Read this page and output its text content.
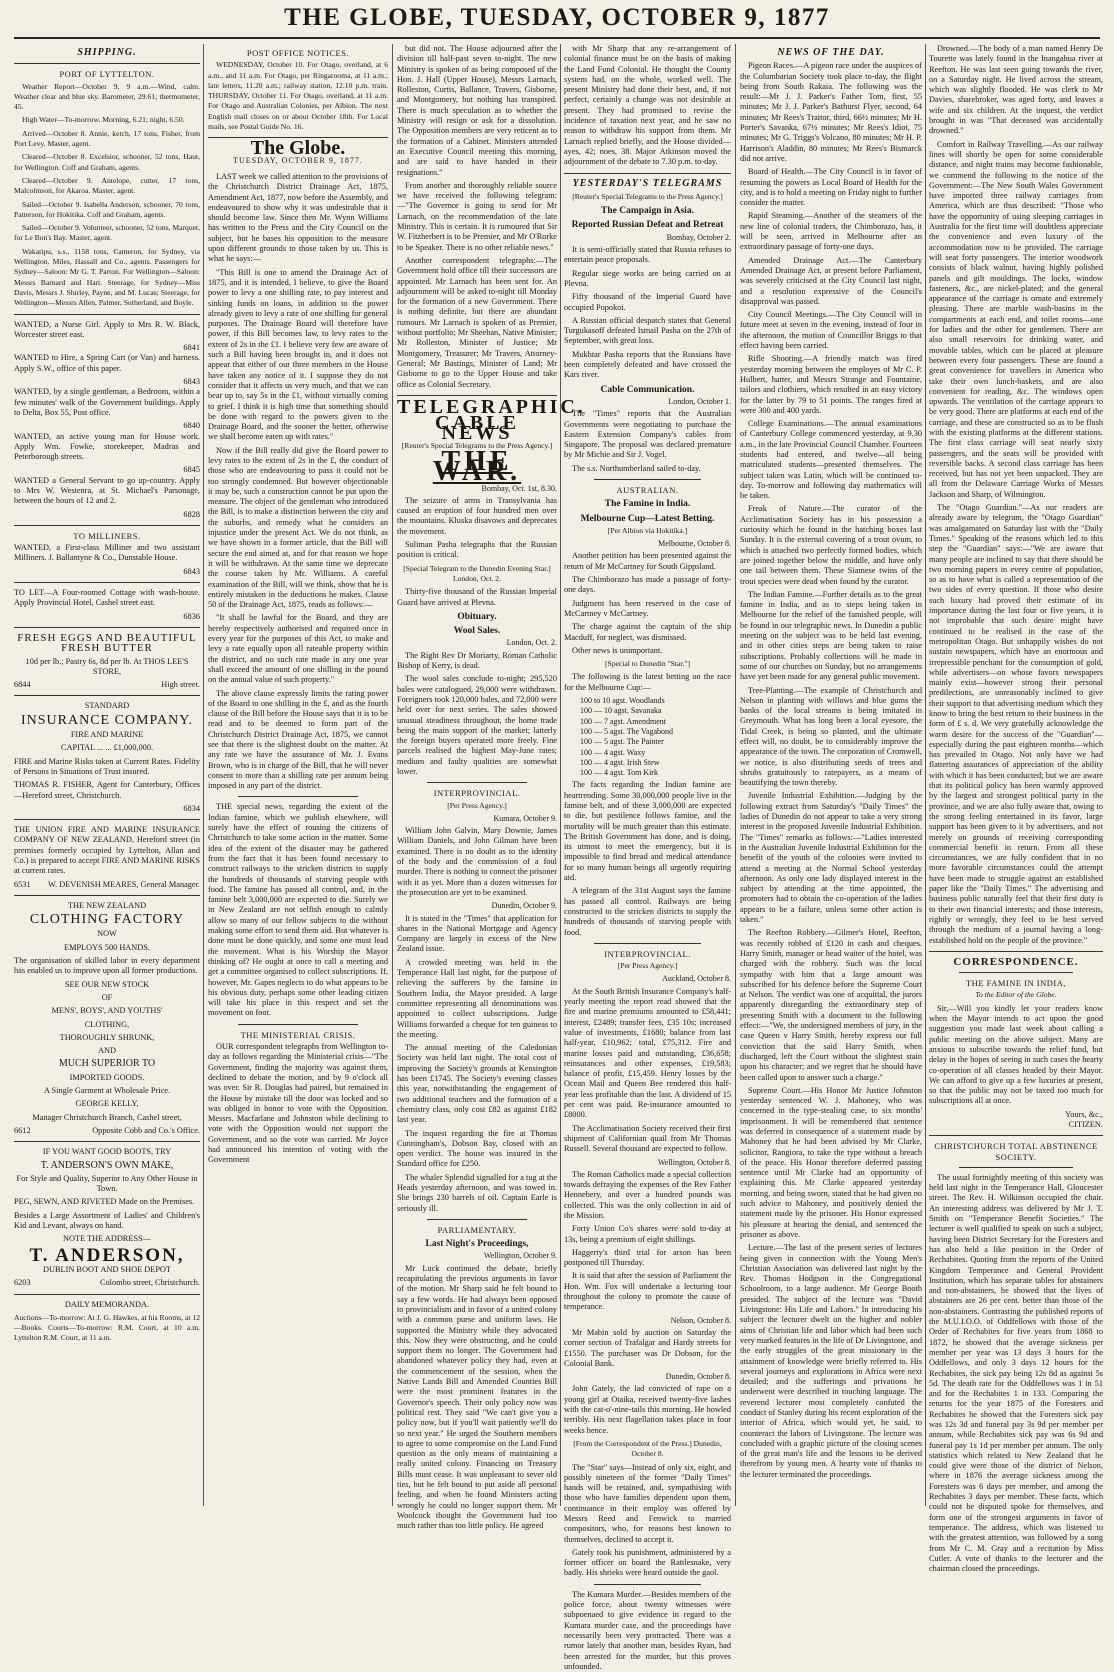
THE GLOBE, TUESDAY, OCTOBER 9, 1877
SHIPPING.
PORT OF LYTTELTON.

Weather Report—October 9, 9 a.m.—Wind, calm. Weather clear and blue sky. Barometer, 29.61; thermometer, 45.

High Water—To-morrow. Morning, 6.21; night, 6.50.

Arrived—October 8. Annie, ketch, 17 tons, Fisher, from Port Levy. Master, agent.

Cleared—October 8. Excelsior, schooner, 52 tons, Haut, for Wellington. Coff and Graham, agents.

Cleared—October 9. Antelope, cutter, 17 tons, Malcolmson, for Akaroa. Master, agent.

Sailed—October 9. Isabella Anderson, schooner, 70 tons, Patterson, for Hokitika. Coff and Graham, agents.

Sailed—October 9. Volunteer, schooner, 52 tons, Marquet, for Le Bon's Bay. Master, agent.

Wakatipu, s.s., 1158 tons, Cameron, for Sydney, via Wellington. Miles, Hassall and Co., agents. Passengers for Sydney—Saloon: Mr G. T. Parton. For Wellington—Saloon: Messrs Barnard and Hart. Steerage, for Sydney—Miss Davis, Messrs J. Shirley, Payne, and M. Lucas; Steerage, for Wellington—Messrs Allen, Palmer, Sutherland, and Boyle.

WANTED, a Nurse Girl. Apply to Mrs R. W. Black, Worcester street east.

6841

WANTED to Hire, a Spring Cart (or Van) and harness. Apply S.W., office of this paper.

6843

WANTED, by a single gentleman, a Bedroom, within a few minutes' walk of the Government buildings. Apply to Delta, Box 55, Post office.

6840

WANTED, an active young man for House work. Apply Wm. Fowke, storekeeper, Madras and Peterborough streets.

6845

WANTED a General Servant to go up-country. Apply to Mrs W. Westenra, at St. Michael's Parsonage, between the hours of 12 and 2.

6828
TO MILLINERS.

WANTED, a First-class Milliner and two assistant Milliners. J. Ballantyne & Co., Dunstable House.

6843

TO LET—A Four-roomed Cottage with wash-house. Apply Provincial Hotel, Cashel street east.

6836
FRESH EGGS AND BEAUTIFUL FRESH BUTTER
10d per lb.; Pastry 6s, 8d per lb. At THOS LEE'S STORE,
6844	High street.
STANDARD
INSURANCE COMPANY.
FIRE AND MARINE
CAPITAL ... ... £1,000,000.

FIRE and Marine Risks taken at Current Rates. Fidelity of Persons in Situations of Trust insured.

THOMAS R. FISHER, Agent for Canterbury, Offices—Hereford street, Christchurch.

6834

THE UNION FIRE AND MARINE INSURANCE COMPANY OF NEW ZEALAND, Hereford street (in premises formerly occupied by Lyttelton, Allan and Co.) is prepared to accept FIRE AND MARINE RISKS at current rates.

6531 W. DEVENISH MEARES, General Manager.
THE NEW ZEALAND
CLOTHING FACTORY
NOW
EMPLOYS 500 HANDS.

The organisation of skilled labor in every department has enabled us to improve upon all former productions.

SEE OUR NEW STOCK
OF
MENS', BOYS', AND YOUTHS'
CLOTHING,
THOROUGHLY SHRUNK,
AND
MUCH SUPERIOR TO
IMPORTED GOODS.
A Single Garment at Wholesale Price.
GEORGE KELLY,
Manager Christchurch Branch, Cashel street,
6612	Opposite Cobb and Co.'s Office.
IF YOU WANT GOOD BOOTS, TRY
T. ANDERSON'S OWN MAKE,
For Style and Quality, Superior to Any Other House in Town.

PEG, SEWN, AND RIVETED Made on the Premises.

Besides a Large Assortment of Ladies' and Children's Kid and Levant, always on hand.

NOTE THE ADDRESS—
T. ANDERSON,
DUBLIN BOOT AND SHOE DEPOT
6203	Colombo street, Christchurch.
DAILY MEMORANDA.

Auctions—To-morrow: At J. G. Hawkes, at his Rooms, at 12—Books. Courts—To-morrow: R.M. Court, at 10 a.m. Lyttelton R.M. Court, at 11 a.m.

POST OFFICE NOTICES.

WEDNESDAY, October 10. For Otago, overland, at 6 a.m., and 11 a.m. For Otago, per Ringarooma, at 11 a.m.; late letters, 11.20 a.m.; railway station, 12.10 p.m. train. THURSDAY, October 11. For Otago, overland, at 11 a.m. For Otago and Australian Colonies, per Albion. The next English mail closes on or about October 18th. For Local mails, see Postal Guide No. 16.

The Globe.
TUESDAY, OCTOBER 9, 1877.

LAST week we called attention to the provisions of the Christchurch District Drainage Act, 1875, Amendment Act, 1877, now before the Assembly, and endeavoured to show why it was undesirable that it should become law. Since then Mr. Wynn Williams has written to the Press and the City Council on the subject, but he bases his opposition to the measure upon different grounds to those taken by us. This is what he says:—

"This Bill is one to amend the Drainage Act of 1875, and it is intended, I believe, to give the Board power to levy a one shilling rate, to pay interest and sinking funds on loans, in addition to the power already given to levy a rate of one shilling for general purposes. The Drainage Board will therefore have power, if this Bill becomes law, to levy rates to the extent of 2s in the £1. I believe very few are aware of such a Bill having been brought in, and it does not appear that either of our three members in the House have taken any notice of it. I suppose they do not consider that it affects us very much, and that we can bear up to, say 5s in the £1, without virtually coming to grief. I think it is high time that something should be done with regard to the powers given to the Drainage Board, and the sooner the better, otherwise we shall become eaten up with rates."

Now if the Bill really did give the Board power to levy rates to the extent of 2s in the £, the conduct of those who are endeavouring to pass it could not be too strongly condemned. But however objectionable it may be, such a construction cannot be put upon the measure. The object of the gentleman who introduced the Bill, is to make a distinction between the city and the suburbs, and remedy what he considers an injustice under the present Act. We do not think, as we have shown in a former article, that the Bill will secure the end aimed at, and for that reason we hope it will be withdrawn. At the same time we deprecate the course taken by Mr. Williams. A careful examination of the Bill, will we think, show that he is entirely mistaken in the deductions he makes. Clause 50 of the Drainage Act, 1875, reads as follows:—

"It shall be lawful for the Board, and they are hereby respectively authorised and required once in every year for the purposes of this Act, to make and levy a rate equally upon all rateable property within the district, and no such rate made in any one year shall exceed the amount of one shilling in the pound on the annual value of such property."

The above clause expressly limits the rating power of the Board to one shilling in the £, and as the fourth clause of the Bill before the House says that it is to be read and to be deemed to form part of the Christchurch District Drainage Act, 1875, we cannot see that there is the slightest doubt on the matter. At any rate we have the assurance of Mr. J. Evans Brown, who is in charge of the Bill, that he will never consent to more than a shilling rate per annum being imposed in any part of the district.

THE special news, regarding the extent of the Indian famine, which we publish elsewhere, will surely have the effect of rousing the citizens of Christchurch to take some action in the matter. Some idea of the extent of the disaster may be gathered from the fact that it has been found necessary to construct railways to the stricken districts to supply the hundreds of thousands of starving people with food. The famine has passed all control, and, in the famine belt 3,000,000 are expected to die. Surely we in New Zealand are not selfish enough to calmly allow so many of our fellow subjects to die without making some effort to send them aid. But whatever is done must be done quickly, and some one must lead the movement. What is his Worship the Mayor thinking of? He ought at once to call a meeting and get a committee organised to collect subscriptions. If, however, Mr. Gapes neglects to do what appears to be his obvious duty, perhaps some other leading citizen will take his place in this respect and set the movement on foot.

THE MINISTERIAL CRISIS.

OUR correspondent telegraphs from Wellington to-day as follows regarding the Ministerial crisis—"The Government, finding the majority was against them, declined to debate the motion, and by 9 o'clock all was over. Sir R. Douglas had paired, but remained in the House by mistake till the door was locked and so was obliged in honor to vote with the Opposition. Messrs. Macfarlane and Johnston while declining to vote with the Opposition would not support the Government, and so the vote was carried. Mr Joyce had announced his intention of voting with the Government

but did not. The House adjourned after the division till half-past seven to-night. The new Ministry is spoken of as being composed of the Hon. J. Hall (Upper House), Messrs Larnach, Rolleston, Curtis, Ballance, Travers, Gisborne, and Montgomery, but nothing has transpired. There is much speculation as to whether the Ministry will resign or ask for a dissolution. The Opposition members are very reticent as to the formation of a Cabinet. Ministers attended an Executive Council meeting this morning, and are said to have handed in their resignations."

From another and thoroughly reliable source we have received the following telegram:—"The Governor is going to send for Mr Larnach, on the recommendation of the late Ministry. This is certain. It is rumoured that Sir W. Fitzherbert is to be Premier, and Mr O'Rorke to be Speaker. There is no other reliable news."

Another correspondent telegraphs:—The Government hold office till their successors are appointed. Mr Larnach has been sent for. An adjournment will be asked to-night till Monday for the formation of a new Government. There is nothing definite, but there are abundant rumours. Mr Larnach is spoken of as Premier, without portfolio; Mr Sheehan, Native Minister; Mr Rolleston, Minister of Justice; Mr Montgomery, Treasurer; Mr Travers, Attorney-General; Mr Bastings, Minister of Land; Mr Gisborne to go to the Upper House and take office as Colonial Secretary.

TELEGRAPHIC.
CABLE NEWS
[Reuter's Special Telegrams to the Press Agency.]
THE WAR.
Bombay, Oct. 1st, 8.30.

The seizure of arms in Transylvania has caused an eruption of four hundred men over the mountains. Kluska disavows and deprecates the movement.

Suliman Pasha telegraphs that the Russian position is critical.

[Special Telegram to the Dunedin Evening Star.] London, Oct. 2.

Thirty-five thousand of the Russian Imperial Guard have arrived at Plevna.

Obituary.
Wool Sales.
London, Oct. 2.

The Right Rev Dr Moriarty, Roman Catholic Bishop of Kerry, is dead.

The wool sales conclude to-night; 295,520 bales were catalogued, 29,000 were withdrawn. Foreigners took 120,000 bales, and 72,000 were held over for next series. The sales showed unusual steadiness throughout, the home trade being the main support of the market; latterly the foreign buyers operated more freely. Fine parcels realised the highest May-June rates; medium and faulty qualities are somewhat lower.

INTERPROVINCIAL.
[Per Press Agency.]
Kumara, October 9.

William John Galvin, Mary Downie, James William Daniels, and John Gilman have been examined. There is no doubt as to the identity of the body and the commission of a foul murder. There is nothing to connect the prisoner with it as yet. More than a dozen witnesses for the prosecution are yet to be examined.

Dunedin, October 9.

It is stated in the "Times" that application for shares in the National Mortgage and Agency Company are largely in excess of the New Zealand issue.

A crowded meeting was held in the Temperance Hall last night, for the purpose of relieving the sufferers by the famine in Southern India, the Mayor presided. A large committee representing all denominations was appointed to collect subscriptions. Judge Williams forwarded a cheque for ten guineas to the meeting.

The annual meeting of the Caledonian Society was held last night. The total cost of improving the Society's grounds at Kensington has been £1745. The Society's evening classes this year, notwithstanding the engagement of two additional teachers and the formation of a chemistry class, only cost £82 as against £182 last year.

The inquest regarding the fire at Thomas Cunningham's, Dobson Bay, closed with an open verdict. The house was insured in the Standard office for £250.

The whaler Splendid signalled for a tug at the Heads yesterday afternoon, and was towed in. She brings 230 barrels of oil. Captain Earle is seriously ill.

PARLIAMENTARY.
Last Night's Proceedings,
Wellington, October 9.

Mr Luck continued the debate, briefly recapitulating the previous arguments in favor of the motion. Mr Sharp said he felt bound to say a few words. He had always been opposed to provincialism and in favor of a united colony with a common purse and uniform laws. He supported the Ministry while they advocated this. Now they were obstructing, and he could support them no longer. The Government had abandoned whatever policy they had, even at the commencement of the session, when the Native Lands Bill and Amended Counties Bill were the most prominent features in the Governor's speech. Their only policy now was political rest. They said "We can't give you a policy now, but if you'll wait patiently we'll do so next year." He urged the Southern members to agree to some compromise on the Land Fund question as the only means of maintaining a really united colony. Financing on Treasury Bills must cease. It was unpleasant to sever old ties, but he felt bound to put aside all personal feeling, and when he found Ministers acting wrongly he could no longer support them. Mr Woolcock thought the Government had too much rather than too little policy. He agreed

with Mr Sharp that any re-arrangement of colonial finance must be on the basis of making the Land Fund Colonial. He thought the County system had, on the whole, worked well. The present Ministry had done their best, and, if not perfect, certainly a change was not desirable at present. They had promised to revise the incidence of taxation next year, and he saw no reason to withdraw his support from them. Mr Larnach replied briefly, and the House divided—ayes, 42; noes, 38. Major Atkinson moved the adjournment of the debate to 7.30 p.m. to-day.

YESTERDAY'S TELEGRAMS
[Reuter's Special Telegrams to the Press Agency.]
The Campaign in Asia.
Reported Russian Defeat and Retreat
Bombay, October 2.

It is semi-officially stated that Russia refuses to entertain peace proposals.

Regular siege works are being carried on at Plevna.

Fifty thousand of the Imperial Guard have occupied Popokoi.

A Russian official despatch states that General Turgukasoff defeated Ismail Pasha on the 27th of September, with great loss.

Mukhtar Pasha reports that the Russians have been completely defeated and have crossed the Kars river.

Cable Communication.
London, October 1.

The "Times" reports that the Australian Governments were negotiating to purchase the Eastern Extension Company's cables from Singapore. The proposal was declared premature by Mr Michie and Sir J. Vogel.

The s.s. Northumberland sailed to-day.

AUSTRALIAN.
The Famine in India.
Melbourne Cup—Latest Betting.
[Per Albion via Hokitika.]
Melbourne, October 8.

Another petition has been presented against the return of Mr McCartney for South Gippsland.

The Chimborazo has made a passage of forty-one days.

Judgment has been reserved in the case of McCartney v McCartney.

The charge against the captain of the ship Macduff, for neglect, was dismissed.

Other news is unimportant.

[Special to Dunedin "Star."]

The following is the latest betting on the race for the Melbourne Cup:—

100 to 10 agst. Woodlands
100 — 10 agst. Savanaka
100 — 7 agst. Amendment
100 — 5 agst. The Vagabond
100 — 5 agst. The Painter
100 — 4 agst. Waxy
100 — 4 agst. Irish Stew
100 — 4 agst. Tom Kirk

The facts regarding the Indian famine are heartrending. Some 30,000,000 people live in the famine belt, and of these 3,000,000 are expected to die, but pestilence follows famine, and the mortality will be much greater than this estimate. The British Government has done, and is doing, its utmost to meet the emergency, but it is impossible to find bread and medical attendance for so many human beings all urgently requiring aid.

A telegram of the 31st August says the famine has passed all control. Railways are being constructed to the stricken districts to supply the hundreds of thousands of starving people with food.

INTERPROVINCIAL.
[Per Press Agency.]
Auckland, October 8.

At the South British Insurance Company's half-yearly meeting the report read showed that the fire and marine premiums amounted to £58,441; interest, £2489; transfer fees, £35 10s; increased value of investments, £1680; balance from last half-year, £10,962; total, £75,312. Fire and marine losses paid and outstanding, £36,658; reinsurances and other expenses, £19,583; balance of profit, £15,459. Henry losses by the Ocean Mail and Queen Bee rendered this half-year less profitable than the last. A dividend of 15 per cent was paid. Re-insurance amounted to £8000.

The Acclimatisation Society received their first shipment of Californian quail from Mr Thomas Russell. Several thousand are expected to follow.

Wellington, October 8.

The Roman Catholics made a special collection towards defraying the expenses of the Rev Father Hennebery, and over a hundred pounds was collected. This was the only collection in aid of the Mission.

Forty Union Co's shares were sold to-day at 13s, being a premium of eight shillings.

Haggerty's third trial for arson has been postponed till Thursday.

It is said that after the session of Parliament the Hon. Wm. Fox will undertake a lecturing tour throughout the colony to promote the cause of temperance.

Nelson, October 8.

Mr Mabin sold by auction on Saturday the corner section of Trafalgar and Hardy streets for £1550. The purchaser was Dr Dobson, for the Colonial Bank.

Dunedin, October 8.

John Gately, the lad convicted of rape on a young girl at Otaika, received twenty-five lashes with the cat-o'-nine-tails this morning. He howled terribly. His next flagellation takes place in four weeks hence.

[From the Correspondent of the Press.] Dunedin, October 8.

The "Star" says—Instead of only six, eight, and possibly nineteen of the former "Daily Times" hands will be retained, and, sympathising with those who have families dependent upon them, continuance in their employ was offered by Messrs Reed and Fenwick to married compositors, who, for reasons best known to themselves, declined to accept it.

Gately took his punishment, administered by a former officer on board the Rattlesnake, very badly. His shrieks were heard outside the gaol.

The Kumara Murder.—Besides members of the police force, about twenty witnesses were subpoenaed to give evidence in regard to the Kumara murder case, and the proceedings have necessarily been very protracted. There was a rumor lately that another man, besides Ryan, had been arrested for the murder, but this proves unfounded.

NEWS OF THE DAY.

Pigeon Races.—A pigeon race under the auspices of the Columbarian Society took place to-day, the flight being from South Rakaia. The following was the result:—Mr J. J. Parker's Father Tom, first, 55 minutes; Mr J. J. Parker's Bathurst Flyer, second, 64 minutes; Mr Rees's Traitor, third, 66½ minutes; Mr H. Porter's Savanka, 67½ minutes; Mr Rees's Idiot, 75 minutes; Mr G. Triggs's Volcano, 80 minutes; Mr H. P. Harrison's Aladdin, 80 minutes; Mr Rees's Bismarck did not arrive.

Board of Health.—The City Council is in favor of resuming the powers as Local Board of Health for the city, and is to hold a meeting on Friday night to further consider the matter.

Rapid Steaming.—Another of the steamers of the new line of colonial traders, the Chimborazo, has, it will be seen, arrived in Melbourne after an extraordinary passage of forty-one days.

Amended Drainage Act.—The Canterbury Amended Drainage Act, at present before Parliament, was severely criticised at the City Council last night, and a resolution expressive of the Council's disapproval was passed.

City Council Meetings.—The City Council will in future meet at seven in the evening, instead of four in the afternoon, the motion of Councillor Briggs to that effect having been carried.

Rifle Shooting.—A friendly match was fired yesterday morning between the employes of Mr C. P. Hulbert, hatter, and Messrs Strange and Fountaine, tailors and clothiers, which resulted in an easy victory for the latter by 79 to 51 points. The ranges fired at were 300 and 400 yards.

College Examinations.—The annual examinations of Canterbury College commenced yesterday, at 9.30 a.m., in the late Provincial Council Chamber. Fourteen students had entered, and twelve—all being matriculated students—presented themselves. The subject taken was Latin, which will be continued to-day. To-morrow and following day mathematics will be taken.

Freak of Nature.—The curator of the Acclimatisation Society has in his possession a curiosity which he found in the hatching boxes last Sunday. It is the external covering of a trout ovum, to which is attached two perfectly formed bodies, which are joined together below the middle, and have only one tail between them. These Siamese twins of the trout species were dead when found by the curator.

The Indian Famine.—Further details as to the great famine in India, and as to steps being taken in Melbourne for the relief of the famished people, will be found in our telegraphic news. In Dunedin a public meeting on the subject was to be held last evening, and in other cities steps are being taken to raise subscriptions. Probably collections will be made in some of our churches on Sunday, but no arrangements have yet been made for any general public movement.

Tree-Planting.—The example of Christchurch and Nelson in planting with willows and blue gums the banks of the local streams is being imitated in Greymouth. What has long been a local eyesore, the Tidal Creek, is being so planted, and the ultimate effect will, no doubt, be to considerably improve the appearance of the town. The corporation of Cromwell, we notice, is also distributing seeds of trees and shrubs gratuitously to ratepayers, as a means of beautifying the town thereby.

Juvenile Industrial Exhibition.—Judging by the following extract from Saturday's "Daily Times" the ladies of Dunedin do not appear to take a very strong interest in the proposed Juvenile Industrial Exhibition. The "Times" remarks as follows:—"Ladies interested in the Australian Juvenile Industrial Exhibition for the benefit of the youth of the colonies were invited to attend a meeting at the Normal School yesterday afternoon. As only one lady displayed interest in the subject by attending at the time appointed, the promoters had to obtain the co-operation of the ladies appears to be a failure, unless some other action is taken."

The Reefton Robbery.—Gilmer's Hotel, Reefton, was recently robbed of £120 in cash and cheques. Harry Smith, manager or head waiter of the hotel, was charged with the robbery. Such was the local sympathy with him that a large amount was subscribed for his defence before the Supreme Court at Nelson. The verdict was one of acquittal, the jurors apparently disregarding the extraordinary step of presenting Smith with a document to the following effect:—"We, the undersigned members of jury, in the case Queen v Harry Smith, hereby express our full conviction that the said Harry Smith, when discharged, left the Court without the slightest stain upon his character; and we regret that he should have been called upon to answer such a charge."

Supreme Court.—His Honor Mr Justice Johnston yesterday sentenced W. J. Mahoney, who was concerned in the type-stealing case, to six months' imprisonment. It will be remembered that sentence was deferred in consequence of a statement made by Mahoney that he had been advised by Mr Clarke, solicitor, Rangiora, to take the type without a breach of the peace. His Honor therefore deferred passing sentence until Mr Clarke had an opportunity of explaining this. Mr Clarke appeared yesterday morning, and being sworn, stated that he had given no such advice to Mahoney, and positively denied the statement made by the prisoner. His Honor expressed his pleasure at hearing the denial, and sentenced the prisoner as above.

Lecture.—The last of the present series of lectures being given in connection with the Young Men's Christian Association was delivered last night by the Rev. Thomas Hodgson in the Congregational Schoolroom, to a large audience. Mr George Booth presided. The subject of the lecture was "David Livingstone: His Life and Labors." In introducing his subject the lecturer dwelt on the higher and nobler aims of Christian life and labor which had been such very marked features in the life of Dr Livingstone, and the early struggles of the great missionary in the attainment of knowledge were briefly referred to. His several journeys and explorations in Africa were next detailed; and the sufferings and privations he underwent were described in touching language. The reverend lecturer most completely confuted the conduct of Stanley during his recent exploration of the interior of Africa, which would yet, he said, to counteract the labors of Livingstone. The lecture was concluded with a graphic picture of the closing scenes of the great man's life and the lessons to be derived therefrom by young men. A hearty vote of thanks to the lecturer terminated the proceedings.

Drowned.—The body of a man named Henry De Tourette was lately found in the Inangahua river at Reefton. He was last seen going towards the river, on a Saturday night. He lived across the stream, which was slightly flooded. He was clerk to Mr Davies, sharebroker, was aged forty, and leaves a wife and six children. At the inquest, the verdict brought in was "That deceased was accidentally drowned."

Comfort in Railway Travelling.—As our railway lines will shortly be open for some considerable distance, and night trains may become fashionable, we commend the following to the notice of the Government:—The New South Wales Government have imported three railway carriages from America, which are thus described: "Those who have the opportunity of using sleeping carriages in Australia for the first time will doubtless appreciate the convenience and even luxury of the accommodation now to be provided. The carriage will seat forty passengers. The interior woodwork consists of black walnut, having highly polished panels and gilt mouldings. The locks, window fasteners, &c., are nickel-plated; and the general appearance of the carriage is ornate and extremely pleasing. There are marble wash-basins in the compartments at each end, and toilet rooms—one for ladies and the other for gentlemen. There are also small reservoirs for drinking water, and movable tables, which can be placed at pleasure between every four passengers. These are found a great convenience for travellers in America who take their own lunch-baskets, and are also convenient for reading, &c. The windows open upwards. The ventilation of the carriage appears to be very good. There are platforms at each end of the carriage, and these are constructed so as to be flush with the existing platforms at the different stations. The first class carriage will seat nearly sixty passengers, and the seats will be provided with reversible backs. A second class carriage has been received, but has not yet been unpacked. They are all from the Delaware Carriage Works of Messrs Jackson and Sharp, of Wilmington.

The "Otago Guardian."—As our readers are already aware by telegram, the "Otago Guardian" was amalgamated on Saturday last with the "Daily Times." Speaking of the reasons which led to this step the "Guardian" says:—"We are aware that many people are inclined to say that there should be two morning papers in every centre of population, so as to have what is called a representation of the two sides of every question. If those who desire such luxury had proved their estimate of its importance during the last four or five years, it is not improbable that such desire might have continued to be realised in the case of the metropolitan Otago. But unhappily wishes do not sustain newspapers, which have an enormous and irrepressible penchant for the consumption of gold, while advertisers—on whose favors newspapers mainly exist—however strong their personal predilections, are unreasonably inclined to give their support to that advertising medium which they know to bring the best return to their business in the form of £ s. d. We very gratefully acknowledge the warm desire for the success of the "Guardian"—especially during the past eighteen months—which has prevailed in Otago. Not only have we had flattering assurances of appreciation of the ability with which it has been conducted; but we are aware that its political policy has been warmly approved by the largest and strongest political party in the province, and we are also fully aware that, owing to the strong feeling entertained in its favor, large support has been given to it by advertisers, and not merely on grounds of receiving corresponding commercial benefit in return. From all these circumstances, we are fully confident that in no more favorable circumstances could the attempt have been made to struggle against an established paper like the "Daily Times." The advertising and business public naturally feel that their first duty is to their own financial interests; and those interests, rightly or wrongly, they feel to be best served through the medium of a journal having a long-established hold on the people of the province."

CORRESPONDENCE.
THE FAMINE IN INDIA,
To the Editor of the Globe.

Sir,—Will you kindly let your readers know when the Mayor intends to act upon the good suggestion you made last week about calling a public meeting on the above subject. Many are anxious to subscribe towards the relief fund, but delay in the hopes of seeing in such cases the hearty co-operation of all classes headed by their Mayor. We can afford to give up a few luxuries at present, so that the public may not be taxed too much for subscriptions all at once.

Yours, &c.,
CITIZEN.
CHRISTCHURCH TOTAL ABSTINENCE SOCIETY.

The usual fortnightly meeting of this society was held last night in the Temperance Hall, Gloucester street. The Rev. H. Wilkinson occupied the chair. An interesting address was delivered by Mr J. T. Smith on "Temperance Benefit Societies." The lecturer is well qualified to speak on such a subject, having been District Secretary for the Foresters and has also held a like position in the Order of Rechabites. Quoting from the reports of the United Kingdom Temperance and General Provident Institution, which has separate tables for abstainers and non-abstainers, he showed that the lives of abstainers are 26 per cent. better than those of the non-abstainers. Contrasting the published reports of the M.U.I.O.O. of Oddfellows with those of the Order of Rechabites for five years from 1868 to 1872, he showed that the average sickness per member per year was 13 days 3 hours for the Oddfellows, and only 3 days 12 hours for the Rechabites, the sick pay being 12s 8d as against 5s 5d. The death rate for the Oddfellows was 1 in 51 and for the Rechabites 1 in 133. Comparing the returns for the year 1875 of the Foresters and Rechabites he showed that the Foresters sick pay was 12s 3d and funeral pay 3s 9d per member per annum, while Rechabites sick pay was 6s 9d and funeral pay 1s 1d per member per annum. The only statistics which related to New Zealand that he could give were those of the district of Nelson, where in 1876 the average sickness among the Foresters was 6 days per member, and among the Rechabites 3 days per member. These facts, which could not be disputed spoke for themselves, and form one of the strongest arguments in favor of temperance. The address, which was listened to with the greatest attention, was followed by a song from Mr C. M. Gray and a recitation by Miss Cutler. A vote of thanks to the lecturer and the chairman closed the proceedings.
